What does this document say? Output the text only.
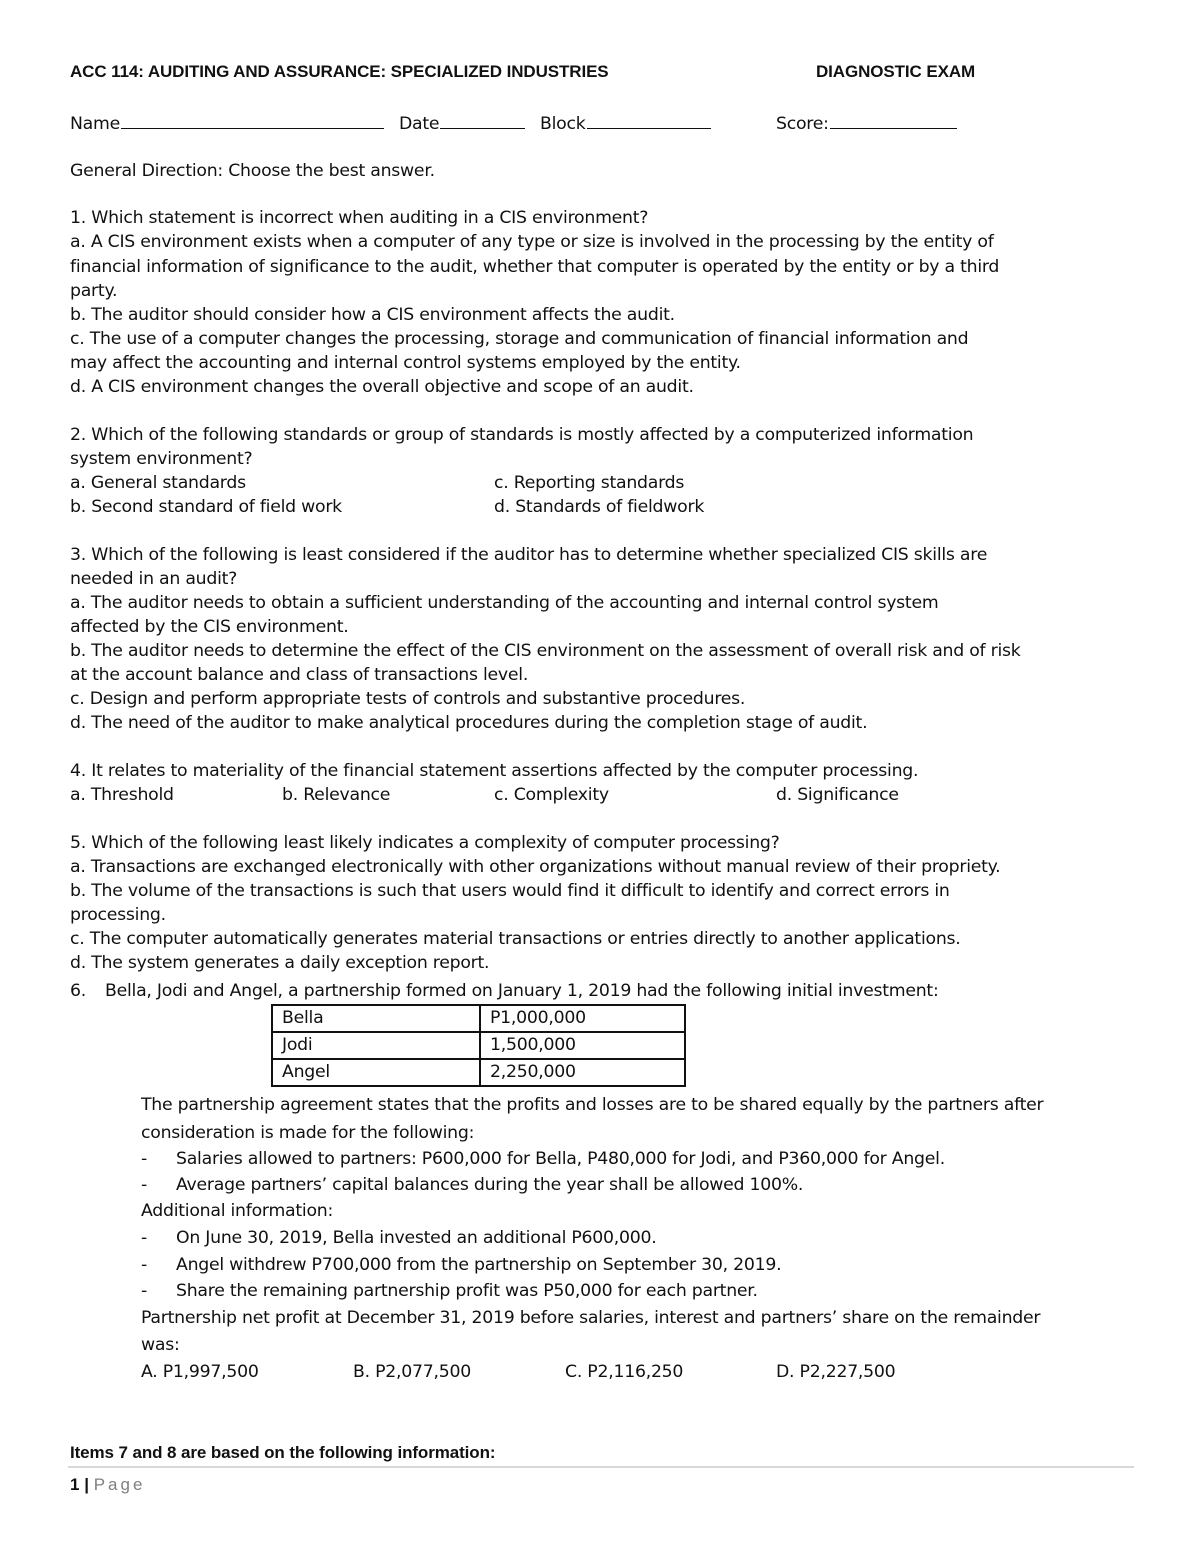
ACC 114: AUDITING AND ASSURANCE: SPECIALIZED INDUSTRIES	DIAGNOSTIC EXAM
Name	Date	Block	Score:
General Direction: Choose the best answer.
1. Which statement is incorrect when auditing in a CIS environment?
a. A CIS environment exists when a computer of any type or size is involved in the processing by the entity of
financial information of significance to the audit, whether that computer is operated by the entity or by a third
party.
b. The auditor should consider how a CIS environment affects the audit.
c. The use of a computer changes the processing, storage and communication of financial information and
may affect the accounting and internal control systems employed by the entity.
d. A CIS environment changes the overall objective and scope of an audit.
2. Which of the following standards or group of standards is mostly affected by a computerized information
system environment?
a. General standards	c. Reporting standards
b. Second standard of field work	d. Standards of fieldwork
3. Which of the following is least considered if the auditor has to determine whether specialized CIS skills are
needed in an audit?
a. The auditor needs to obtain a sufficient understanding of the accounting and internal control system
affected by the CIS environment.
b. The auditor needs to determine the effect of the CIS environment on the assessment of overall risk and of risk
at the account balance and class of transactions level.
c. Design and perform appropriate tests of controls and substantive procedures.
d. The need of the auditor to make analytical procedures during the completion stage of audit.
4. It relates to materiality of the financial statement assertions affected by the computer processing.
a. Threshold	b. Relevance	c. Complexity	d. Significance
5. Which of the following least likely indicates a complexity of computer processing?
a. Transactions are exchanged electronically with other organizations without manual review of their propriety.
b. The volume of the transactions is such that users would find it difficult to identify and correct errors in
processing.
c. The computer automatically generates material transactions or entries directly to another applications.
d. The system generates a daily exception report.
6. Bella, Jodi and Angel, a partnership formed on January 1, 2019 had the following initial investment:
Bella	P1,000,000
Jodi	1,500,000
Angel	2,250,000
The partnership agreement states that the profits and losses are to be shared equally by the partners after
consideration is made for the following:
- Salaries allowed to partners: P600,000 for Bella, P480,000 for Jodi, and P360,000 for Angel.
- Average partners’ capital balances during the year shall be allowed 100%.
Additional information:
- On June 30, 2019, Bella invested an additional P600,000.
- Angel withdrew P700,000 from the partnership on September 30, 2019.
- Share the remaining partnership profit was P50,000 for each partner.
Partnership net profit at December 31, 2019 before salaries, interest and partners’ share on the remainder
was:
A. P1,997,500	B. P2,077,500	C. P2,116,250	D. P2,227,500
Items 7 and 8 are based on the following information:
1 | Page
